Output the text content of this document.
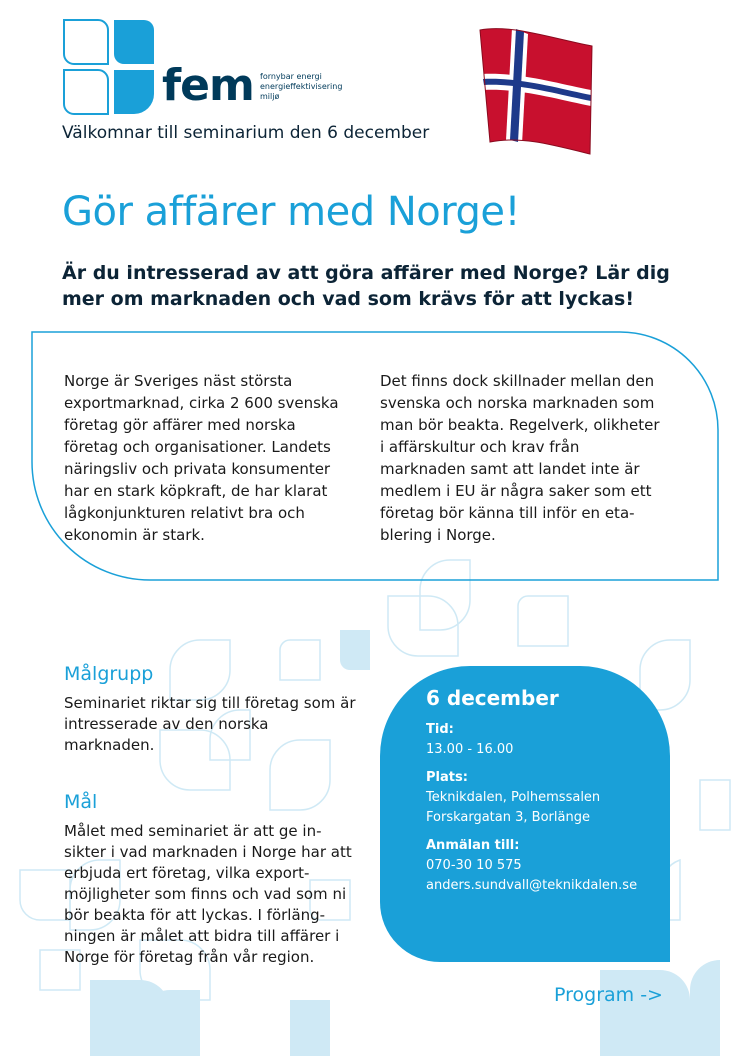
fem fornybar energi
energieffektivisering
miljø
Välkomnar till seminarium den 6 december
Gör affärer med Norge!

Är du intresserad av att göra affärer med Norge? Lär dig mer om marknaden och vad som krävs för att lyckas!

Norge är Sveriges näst största exportmarknad, cirka 2 600 svenska företag gör affärer med norska företag och organisationer. Landets näringsliv och privata konsumenter har en stark köpkraft, de har klarat lågkonjunkturen relativt bra och ekonomin är stark.

Det finns dock skillnader mellan den svenska och norska marknaden som man bör beakta. Regelverk, olikheter i affärskultur och krav från marknaden samt att landet inte är medlem i EU är några saker som ett företag bör känna till inför en eta-blering i Norge.

Målgrupp

Seminariet riktar sig till företag som är intresserade av den norska marknaden.

Mål

Målet med seminariet är att ge in-sikter i vad marknaden i Norge har att erbjuda ert företag, vilka export-möjligheter som finns och vad som ni bör beakta för att lyckas. I förläng-ningen är målet att bidra till affärer i Norge för företag från vår region.

6 december

Tid:

13.00 - 16.00

Plats:

Teknikdalen, Polhemssalen

Forskargatan 3, Borlänge

Anmälan till:

070-30 10 575

anders.sundvall@teknikdalen.se

Program ->
